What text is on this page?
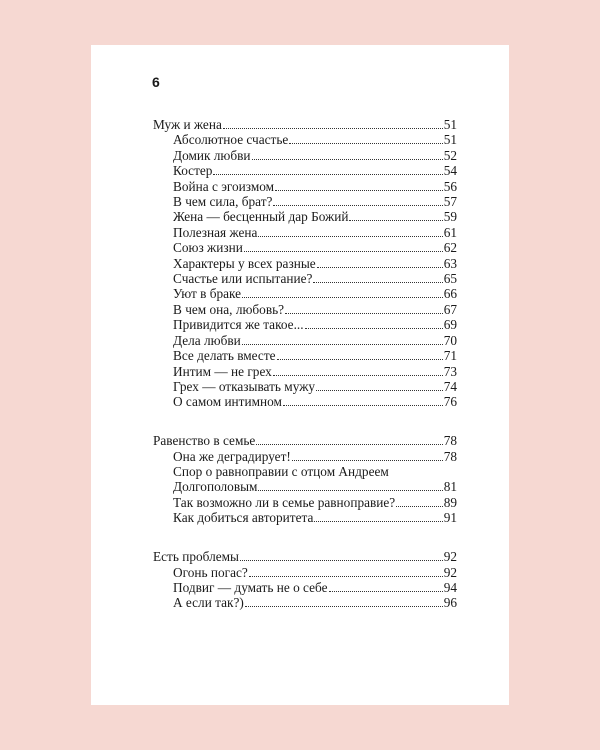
6
Муж и жена	51
Абсолютное счастье	51
Домик любви	52
Костер	54
Война с эгоизмом	56
В чем сила, брат?	57
Жена — бесценный дар Божий	59
Полезная жена	61
Союз жизни	62
Характеры у всех разные	63
Счастье или испытание?	65
Уют в браке	66
В чем она, любовь?	67
Привидится же такое...	69
Дела любви	70
Все делать вместе	71
Интим — не грех	73
Грех — отказывать мужу	74
О самом интимном	76
Равенство в семье	78
Она же деградирует!	78
Спор о равноправии с отцом Андреем
Долгополовым	81
Так возможно ли в семье равноправие?	89
Как добиться авторитета	91
Есть проблемы	92
Огонь погас?	92
Подвиг — думать не о себе	94
А если так?)	96
